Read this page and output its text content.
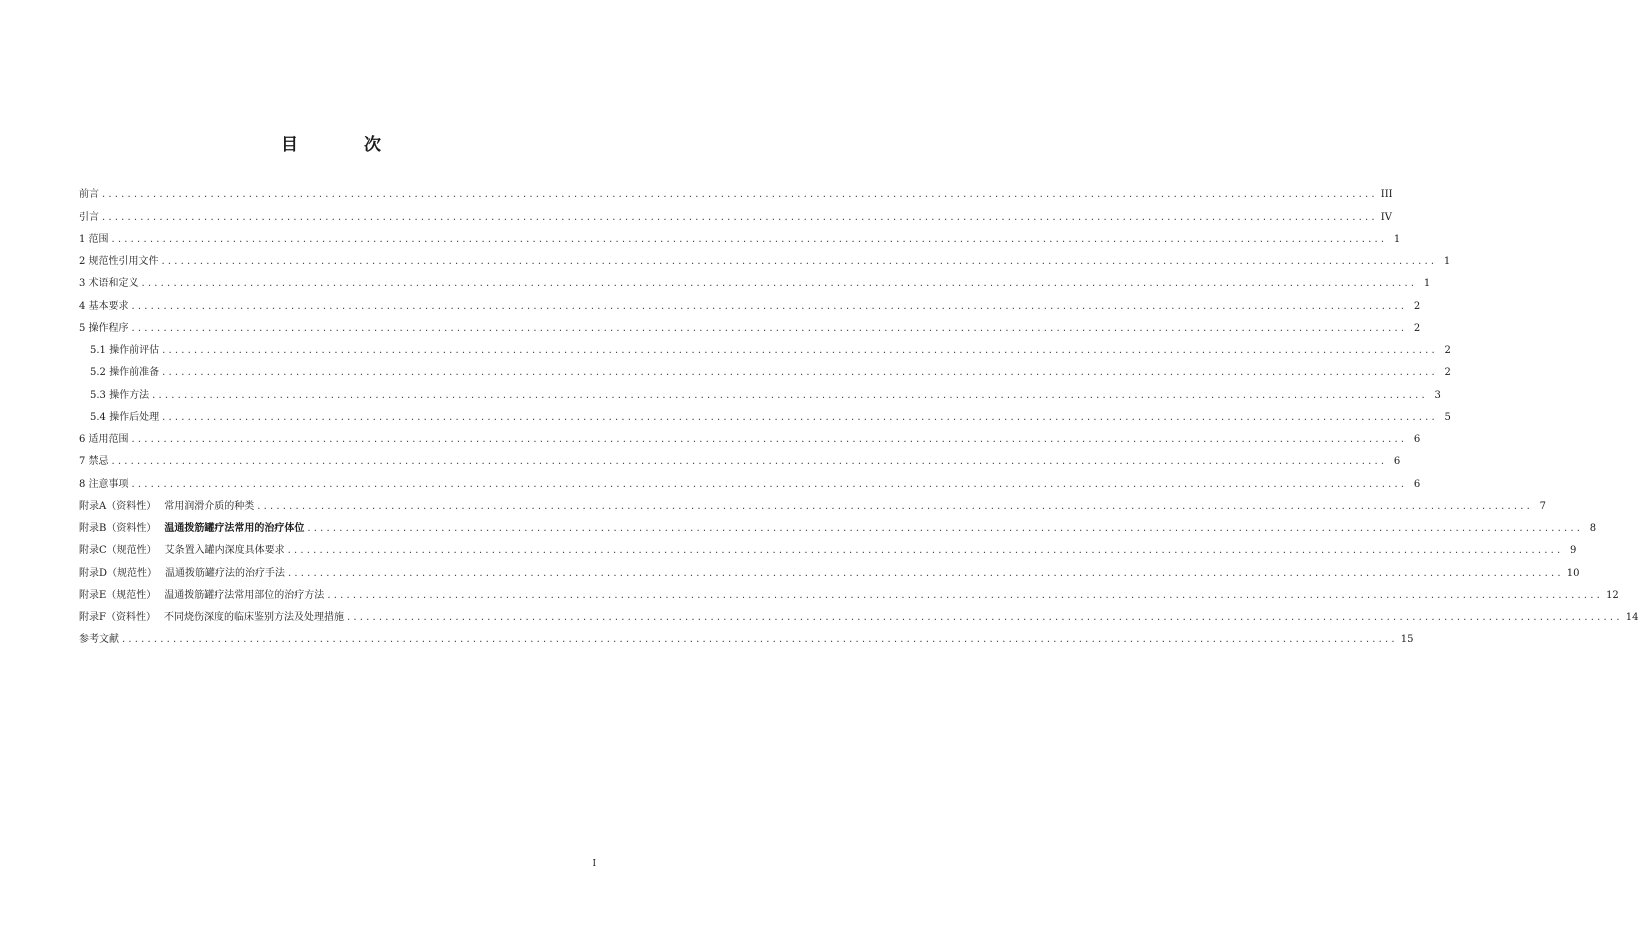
目 次
前言 ........................................................................................................................................................................................................ III
引言 ........................................................................................................................................................................................................ IV
1 范围 ........................................................................................................................................................................................................ 1
2 规范性引用文件 ........................................................................................................................................................................................................ 1
3 术语和定义 ........................................................................................................................................................................................................ 1
4 基本要求 ........................................................................................................................................................................................................ 2
5 操作程序 ........................................................................................................................................................................................................ 2
5.1 操作前评估 ........................................................................................................................................................................................................ 2
5.2 操作前准备 ........................................................................................................................................................................................................ 2
5.3 操作方法 ........................................................................................................................................................................................................ 3
5.4 操作后处理 ........................................................................................................................................................................................................ 5
6 适用范围 ........................................................................................................................................................................................................ 6
7 禁忌 ........................................................................................................................................................................................................ 6
8 注意事项 ........................................................................................................................................................................................................ 6
附录A（资料性） 常用润滑介质的种类 ........................................................................................................................................................................................................ 7
附录B（资料性） 温通拨筋罐疗法常用的治疗体位 ........................................................................................................................................................................................................ 8
附录C（规范性） 艾条置入罐内深度具体要求 ........................................................................................................................................................................................................ 9
附录D（规范性） 温通拨筋罐疗法的治疗手法 ........................................................................................................................................................................................................ 10
附录E（规范性） 温通拨筋罐疗法常用部位的治疗方法 ........................................................................................................................................................................................................ 12
附录F（资料性） 不同烧伤深度的临床鉴别方法及处理措施 ........................................................................................................................................................................................................ 14
参考文献 ........................................................................................................................................................................................................ 15
I
